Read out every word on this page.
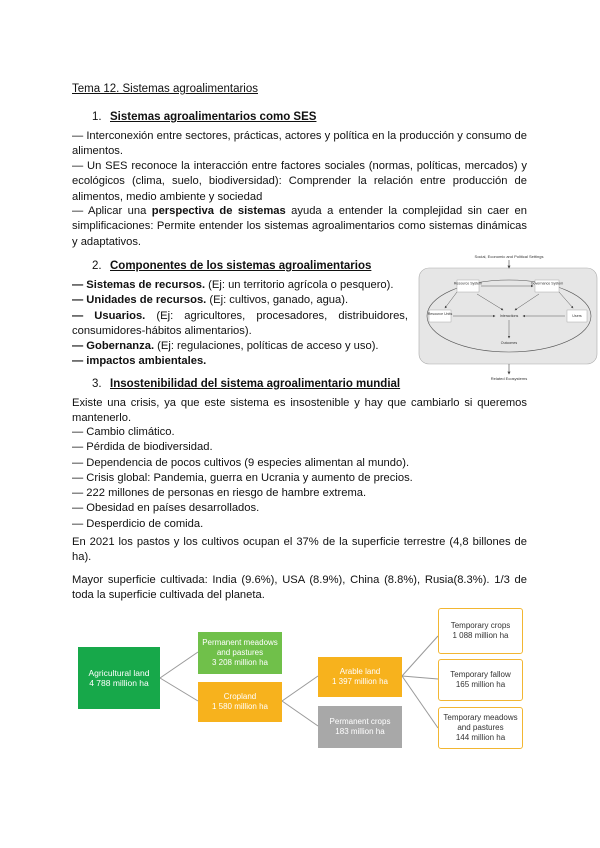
Tema 12. Sistemas agroalimentarios
1. Sistemas agroalimentarios como SES
— Interconexión entre sectores, prácticas, actores y política en la producción y consumo de alimentos.
— Un SES reconoce la interacción entre factores sociales (normas, políticas, mercados) y ecológicos (clima, suelo, biodiversidad): Comprender la relación entre producción de alimentos, medio ambiente y sociedad
— Aplicar una perspectiva de sistemas ayuda a entender la complejidad sin caer en simplificaciones: Permite entender los sistemas agroalimentarios como sistemas dinámicas y adaptativos.
2. Componentes de los sistemas agroalimentarios
— Sistemas de recursos. (Ej: un territorio agrícola o pesquero).
— Unidades de recursos. (Ej: cultivos, ganado, agua).
— Usuarios. (Ej: agricultores, procesadores, distribuidores, consumidores-hábitos alimentarios).
— Gobernanza. (Ej: regulaciones, políticas de acceso y uso).
— impactos ambientales.
Social, Economic and Political Settings
Related Ecosystems
Resource System	Governance System
Resource Units	Users
Interactions
Outcomes
3. Insostenibilidad del sistema agroalimentario mundial
Existe una crisis, ya que este sistema es insostenible y hay que cambiarlo si queremos mantenerlo.
— Cambio climático.
— Pérdida de biodiversidad.
— Dependencia de pocos cultivos (9 especies alimentan al mundo).
— Crisis global: Pandemia, guerra en Ucrania y aumento de precios.
— 222 millones de personas en riesgo de hambre extrema.
— Obesidad en países desarrollados.
— Desperdicio de comida.
En 2021 los pastos y los cultivos ocupan el 37% de la superficie terrestre (4,8 billones de ha).
Mayor superficie cultivada: India (9.6%), USA (8.9%), China (8.8%), Rusia(8.3%). 1/3 de toda la superficie cultivada del planeta.
Agricultural land
4 788 million ha
Permanent meadows and pastures
3 208 million ha
Cropland
1 580 million ha
Arable land
1 397 million ha
Permanent crops
183 million ha
Temporary crops
1 088 million ha
Temporary fallow
165 million ha
Temporary meadows and pastures
144 million ha
